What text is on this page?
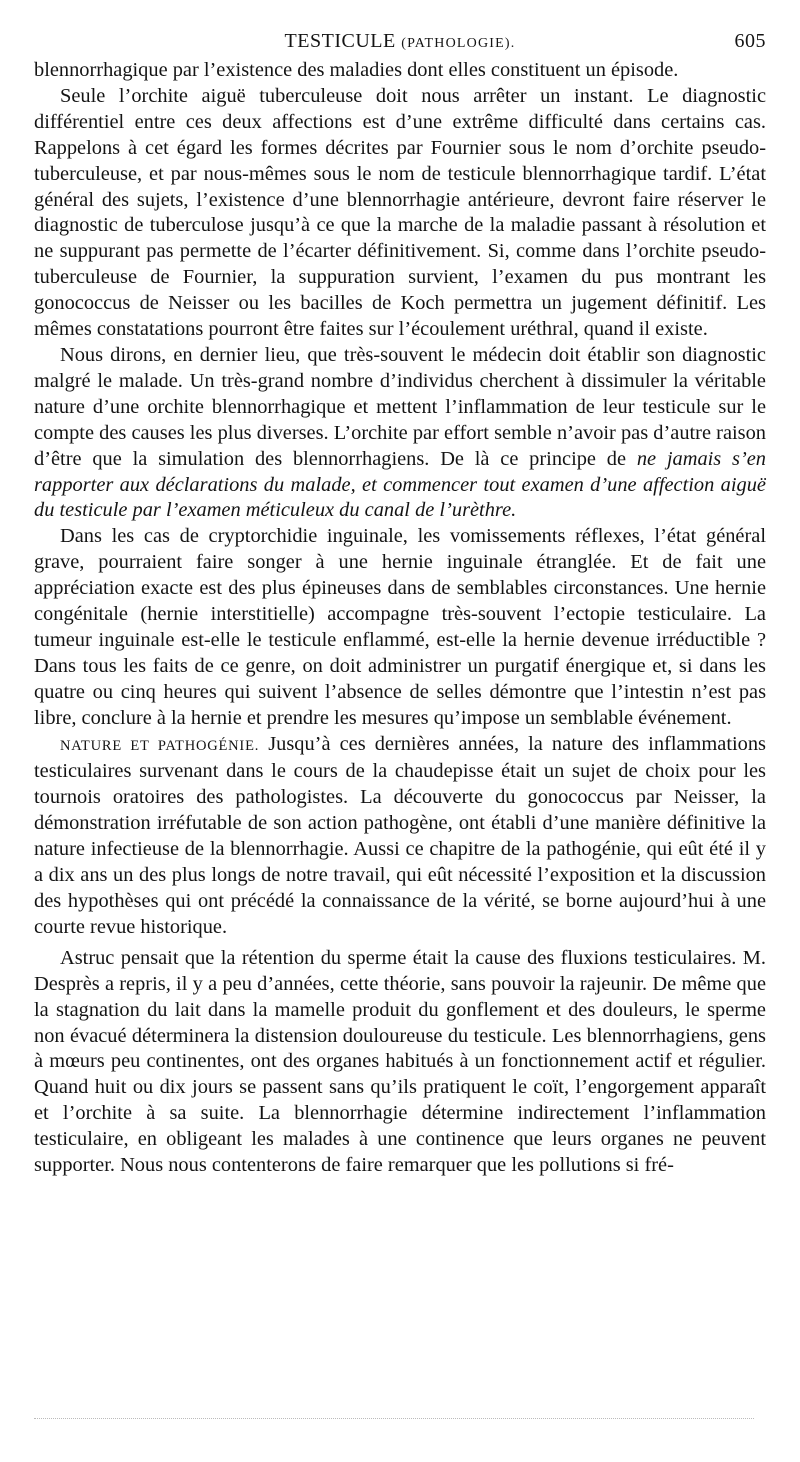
TESTICULE (PATHOLOGIE).	605

blennorrhagique par l’existence des maladies dont elles constituent un épisode.

Seule l’orchite aiguë tuberculeuse doit nous arrêter un instant. Le diagnostic différentiel entre ces deux affections est d’une extrême difficulté dans certains cas. Rappelons à cet égard les formes décrites par Fournier sous le nom d’orchite pseudo-tuberculeuse, et par nous-mêmes sous le nom de testicule blennorrhagique tardif. L’état général des sujets, l’existence d’une blennorrhagie antérieure, devront faire réserver le diagnostic de tuberculose jusqu’à ce que la marche de la maladie passant à résolution et ne suppurant pas permette de l’écarter définitivement. Si, comme dans l’orchite pseudo-tuberculeuse de Fournier, la suppuration survient, l’examen du pus montrant les gonococcus de Neisser ou les bacilles de Koch permettra un jugement définitif. Les mêmes constatations pourront être faites sur l’écoulement uréthral, quand il existe.

Nous dirons, en dernier lieu, que très-souvent le médecin doit établir son diagnostic malgré le malade. Un très-grand nombre d’individus cherchent à dissimuler la véritable nature d’une orchite blennorrhagique et mettent l’inflammation de leur testicule sur le compte des causes les plus diverses. L’orchite par effort semble n’avoir pas d’autre raison d’être que la simulation des blennorrhagiens. De là ce principe de ne jamais s’en rapporter aux déclarations du malade, et commencer tout examen d’une affection aiguë du testicule par l’examen méticuleux du canal de l’urèthre.

Dans les cas de cryptorchidie inguinale, les vomissements réflexes, l’état général grave, pourraient faire songer à une hernie inguinale étranglée. Et de fait une appréciation exacte est des plus épineuses dans de semblables circonstances. Une hernie congénitale (hernie interstitielle) accompagne très-souvent l’ectopie testiculaire. La tumeur inguinale est-elle le testicule enflammé, est-elle la hernie devenue irréductible ? Dans tous les faits de ce genre, on doit administrer un purgatif énergique et, si dans les quatre ou cinq heures qui suivent l’absence de selles démontre que l’intestin n’est pas libre, conclure à la hernie et prendre les mesures qu’impose un semblable événement.

NATURE ET PATHOGÉNIE. Jusqu’à ces dernières années, la nature des inflammations testiculaires survenant dans le cours de la chaudepisse était un sujet de choix pour les tournois oratoires des pathologistes. La découverte du gonococcus par Neisser, la démonstration irréfutable de son action pathogène, ont établi d’une manière définitive la nature infectieuse de la blennorrhagie. Aussi ce chapitre de la pathogénie, qui eût été il y a dix ans un des plus longs de notre travail, qui eût nécessité l’exposition et la discussion des hypothèses qui ont précédé la connaissance de la vérité, se borne aujourd’hui à une courte revue historique.

Astruc pensait que la rétention du sperme était la cause des fluxions testiculaires. M. Desprès a repris, il y a peu d’années, cette théorie, sans pouvoir la rajeunir. De même que la stagnation du lait dans la mamelle produit du gonflement et des douleurs, le sperme non évacué déterminera la distension douloureuse du testicule. Les blennorrhagiens, gens à mœurs peu continentes, ont des organes habitués à un fonctionnement actif et régulier. Quand huit ou dix jours se passent sans qu’ils pratiquent le coït, l’engorgement apparaît et l’orchite à sa suite. La blennorrhagie détermine indirectement l’inflammation testiculaire, en obligeant les malades à une continence que leurs organes ne peuvent supporter. Nous nous contenterons de faire remarquer que les pollutions si fré-
